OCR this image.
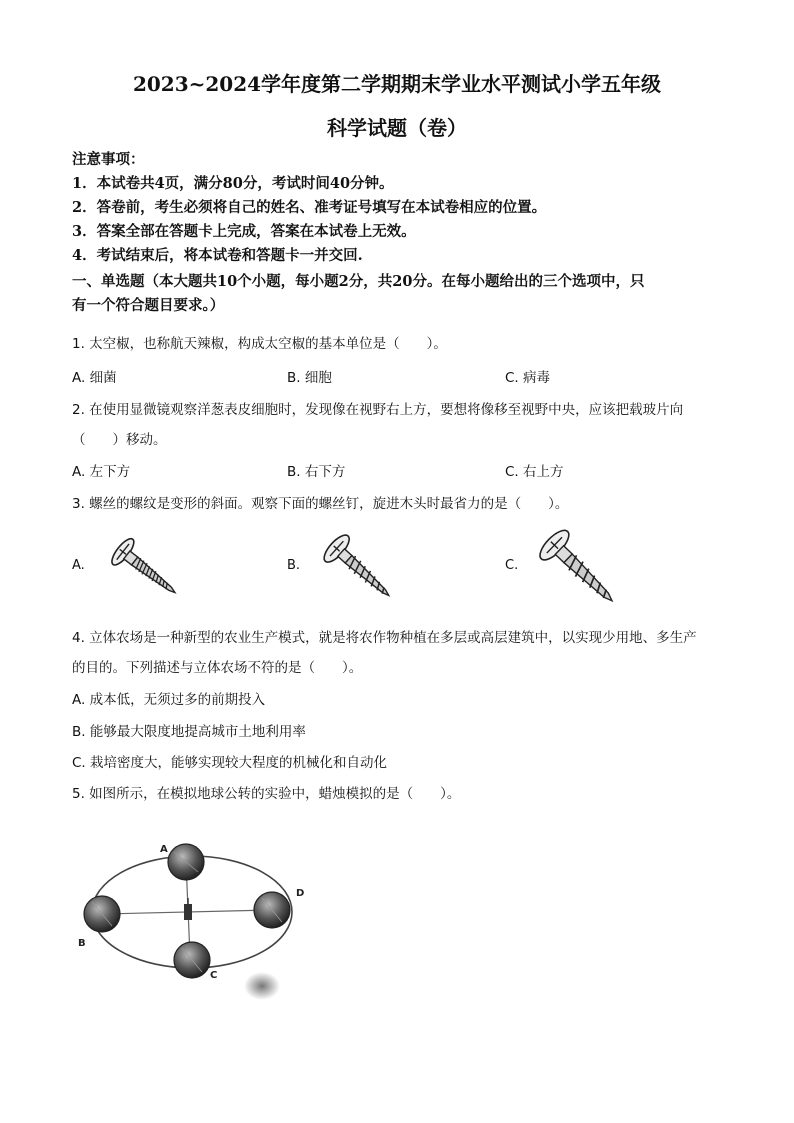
2023~2024学年度第二学期期末学业水平测试小学五年级
科学试题（卷）
注意事项：
1．本试卷共4页，满分80分，考试时间40分钟。
2．答卷前，考生必须将自己的姓名、准考证号填写在本试卷相应的位置。
3．答案全部在答题卡上完成，答案在本试卷上无效。
4．考试结束后，将本试卷和答题卡一并交回.
一、单选题（本大题共10个小题，每小题2分，共20分。在每小题给出的三个选项中，只
有一个符合题目要求。）
1. 太空椒，也称航天辣椒，构成太空椒的基本单位是（　　）。
A. 细菌	B. 细胞	C. 病毒
2. 在使用显微镜观察洋葱表皮细胞时，发现像在视野右上方，要想将像移至视野中央，应该把载玻片向
（　　）移动。
A. 左下方	B. 右下方	C. 右上方
3. 螺丝的螺纹是变形的斜面。观察下面的螺丝钉，旋进木头时最省力的是（　　）。
A.	B.	C.
4. 立体农场是一种新型的农业生产模式，就是将农作物种植在多层或高层建筑中，以实现少用地、多生产
的目的。下列描述与立体农场不符的是（　　）。
A. 成本低，无须过多的前期投入
B. 能够最大限度地提高城市土地利用率
C. 栽培密度大，能够实现较大程度的机械化和自动化
5. 如图所示，在模拟地球公转的实验中，蜡烛模拟的是（　　）。
A
B
C
D
